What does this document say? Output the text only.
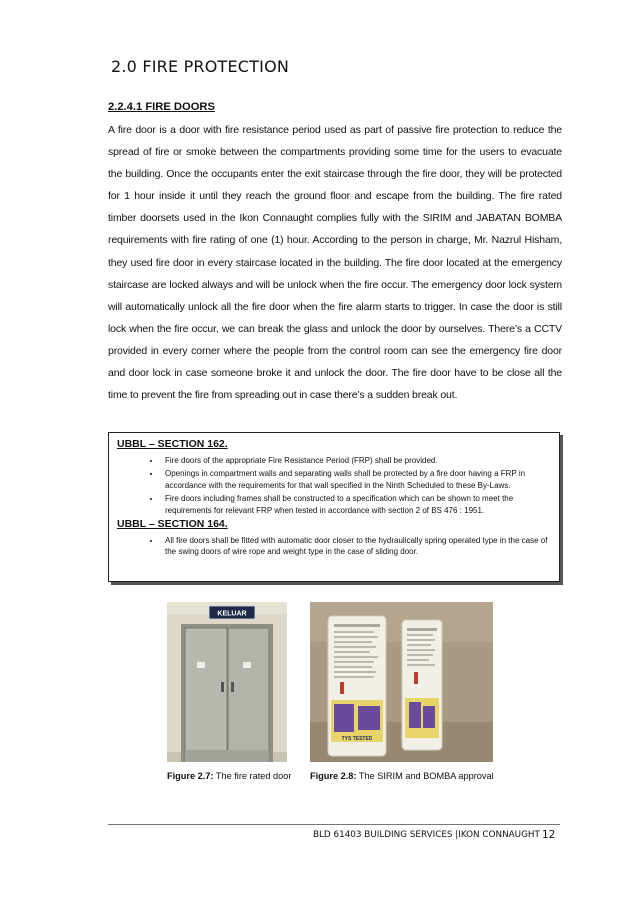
2.0 FIRE PROTECTION
2.2.4.1 FIRE DOORS

A fire door is a door with fire resistance period used as part of passive fire protection to reduce the spread of fire or smoke between the compartments providing some time for the users to evacuate the building. Once the occupants enter the exit staircase through the fire door, they will be protected for 1 hour inside it until they reach the ground floor and escape from the building. The fire rated timber doorsets used in the Ikon Connaught complies fully with the SIRIM and JABATAN BOMBA requirements with fire rating of one (1) hour. According to the person in charge, Mr. Nazrul Hisham, they used fire door in every staircase located in the building. The fire door located at the emergency staircase are locked always and will be unlock when the fire occur. The emergency door lock system will automatically unlock all the fire door when the fire alarm starts to trigger. In case the door is still lock when the fire occur, we can break the glass and unlock the door by ourselves. There’s a CCTV provided in every corner where the people from the control room can see the emergency fire door and door lock in case someone broke it and unlock the door. The fire door have to be close all the time to prevent the fire from spreading out in case there’s a sudden break out.

UBBL – SECTION 162.
• Fire doors of the appropriate Fire Resistance Period (FRP) shall be provided.
• Openings in compartment walls and separating walls shall be protected by a fire door having a FRP in accordance with the requirements for that wall specified in the Ninth Scheduled to these By-Laws.
• Fire doors including frames shall be constructed to a specification which can be shown to meet the requirements for relevant FRP when tested in accordance with section 2 of BS 476 : 1951.
UBBL – SECTION 164.
• All fire doors shall be fitted with automatic door closer to the hydraulically spring operated type in the case of the swing doors of wire rope and weight type in the case of sliding door.
KELUAR
TYS TESTED
Figure 2.7: The fire rated door Figure 2.8: The SIRIM and BOMBA approval
BLD 61403 BUILDING SERVICES |IKON CONNAUGHT 12
